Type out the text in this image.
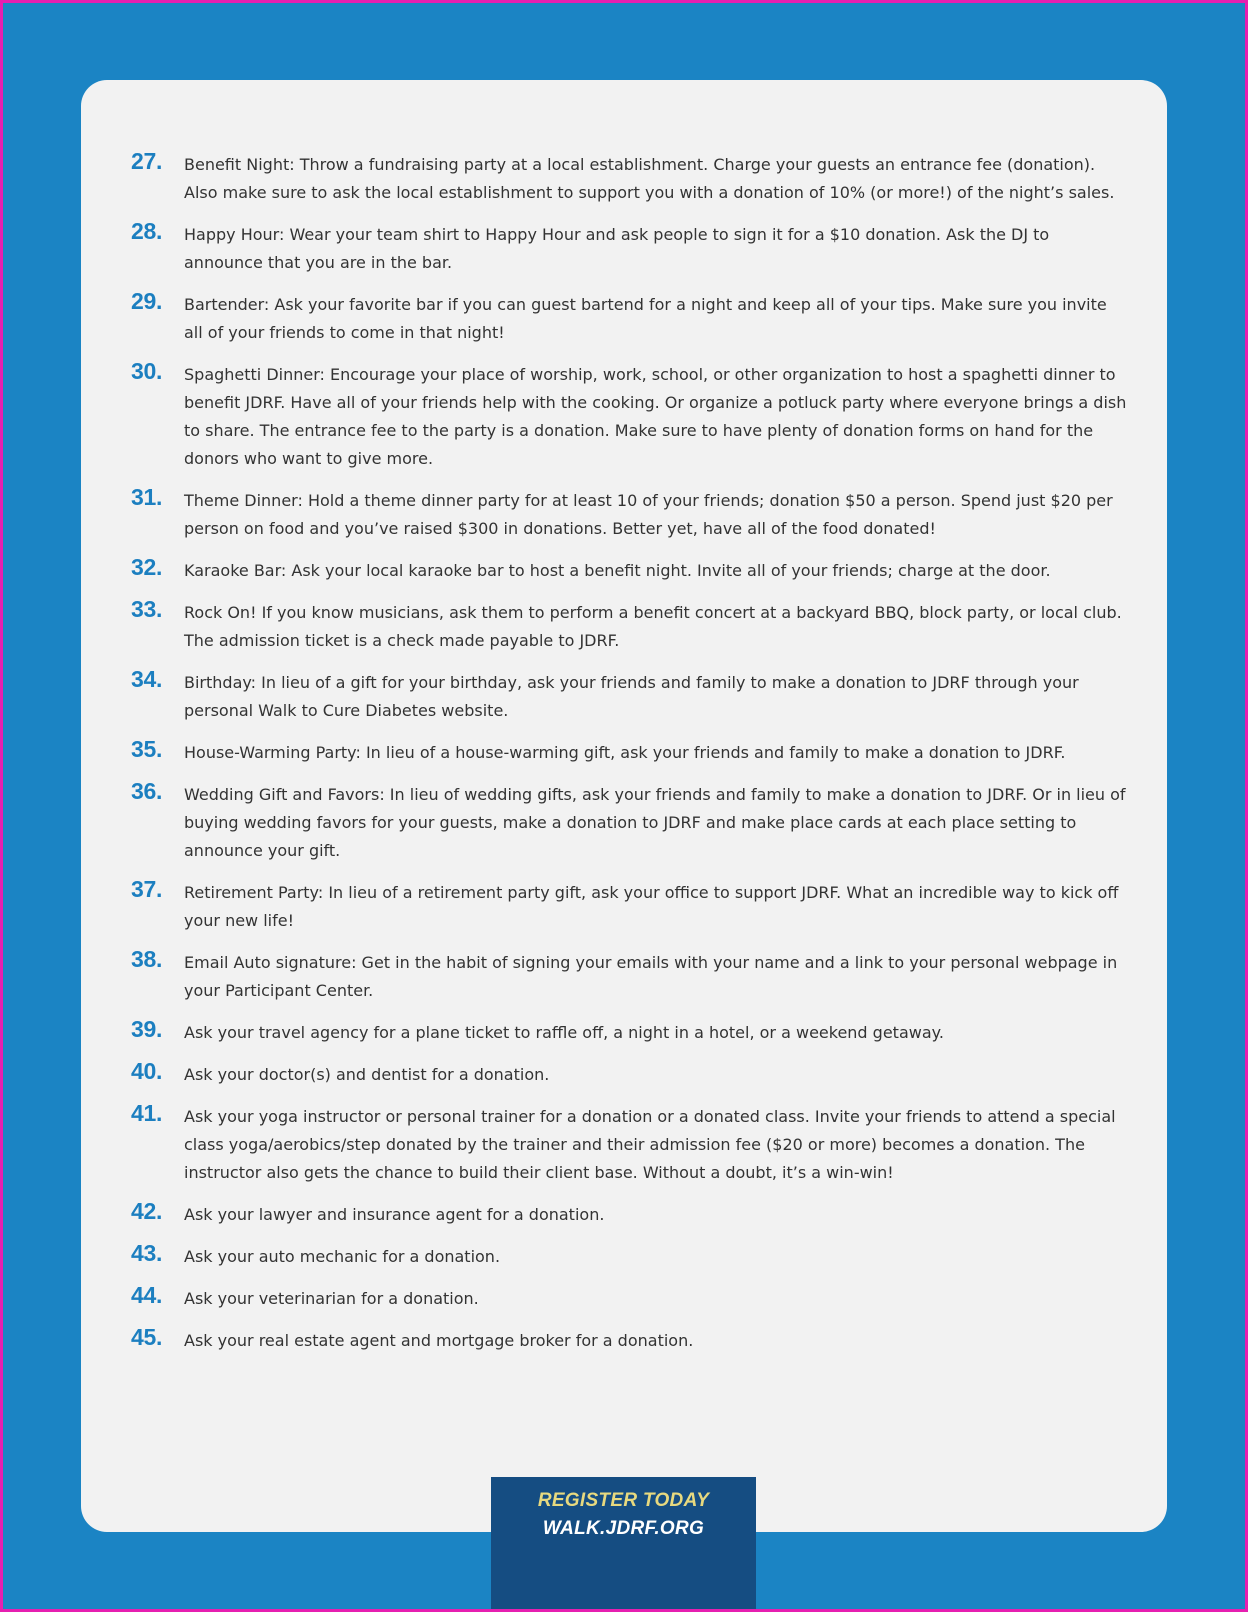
27. Benefit Night: Throw a fundraising party at a local establishment. Charge your guests an entrance fee (donation). Also make sure to ask the local establishment to support you with a donation of 10% (or more!) of the night’s sales.
28. Happy Hour: Wear your team shirt to Happy Hour and ask people to sign it for a $10 donation. Ask the DJ to announce that you are in the bar.
29. Bartender: Ask your favorite bar if you can guest bartend for a night and keep all of your tips. Make sure you invite all of your friends to come in that night!
30. Spaghetti Dinner: Encourage your place of worship, work, school, or other organization to host a spaghetti dinner to benefit JDRF. Have all of your friends help with the cooking. Or organize a potluck party where everyone brings a dish to share. The entrance fee to the party is a donation. Make sure to have plenty of donation forms on hand for the donors who want to give more.
31. Theme Dinner: Hold a theme dinner party for at least 10 of your friends; donation $50 a person. Spend just $20 per person on food and you’ve raised $300 in donations. Better yet, have all of the food donated!
32. Karaoke Bar: Ask your local karaoke bar to host a benefit night. Invite all of your friends; charge at the door.
33. Rock On! If you know musicians, ask them to perform a benefit concert at a backyard BBQ, block party, or local club. The admission ticket is a check made payable to JDRF.
34. Birthday: In lieu of a gift for your birthday, ask your friends and family to make a donation to JDRF through your personal Walk to Cure Diabetes website.
35. House-Warming Party: In lieu of a house-warming gift, ask your friends and family to make a donation to JDRF.
36. Wedding Gift and Favors: In lieu of wedding gifts, ask your friends and family to make a donation to JDRF. Or in lieu of buying wedding favors for your guests, make a donation to JDRF and make place cards at each place setting to announce your gift.
37. Retirement Party: In lieu of a retirement party gift, ask your office to support JDRF. What an incredible way to kick off your new life!
38. Email Auto signature: Get in the habit of signing your emails with your name and a link to your personal webpage in your Participant Center.
39. Ask your travel agency for a plane ticket to raffle off, a night in a hotel, or a weekend getaway.
40. Ask your doctor(s) and dentist for a donation.
41. Ask your yoga instructor or personal trainer for a donation or a donated class. Invite your friends to attend a special class yoga/aerobics/step donated by the trainer and their admission fee ($20 or more) becomes a donation. The instructor also gets the chance to build their client base. Without a doubt, it’s a win-win!
42. Ask your lawyer and insurance agent for a donation.
43. Ask your auto mechanic for a donation.
44. Ask your veterinarian for a donation.
45. Ask your real estate agent and mortgage broker for a donation.
REGISTER TODAY
WALK.JDRF.ORG
